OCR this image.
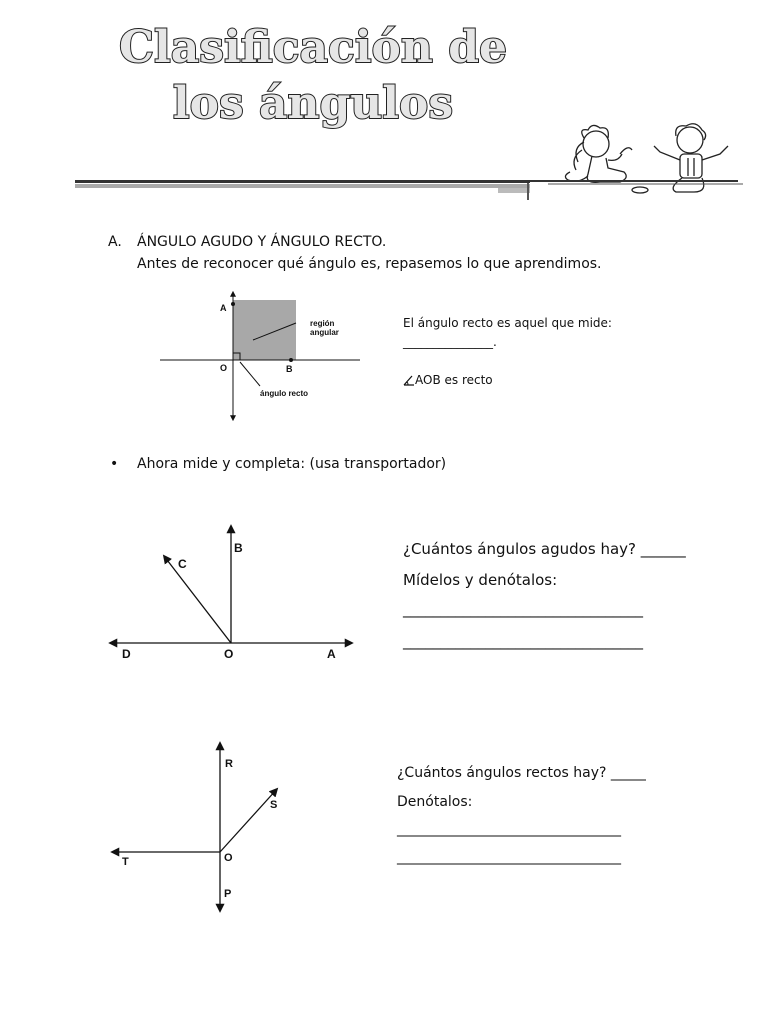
Clasificación de
los ángulos
A. ÁNGULO AGUDO Y ÁNGULO RECTO.
Antes de reconocer qué ángulo es, repasemos lo que aprendimos.
A
O	B
región
angular
ángulo recto
El ángulo recto es aquel que mide:
_______________.
AOB es recto
• Ahora mide y completa: (usa transportador)
B
C
D	O	A
¿Cuántos ángulos agudos hay? ______
Mídelos y denótalos:
________________________________
________________________________
R
S
T	O
P
¿Cuántos ángulos rectos hay? _____
Denótalos:
________________________________
________________________________
